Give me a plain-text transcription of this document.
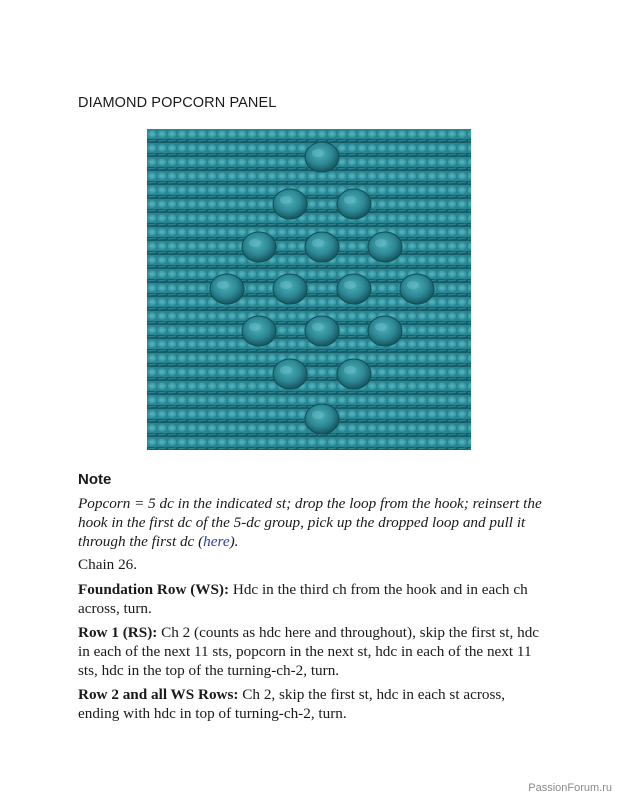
DIAMOND POPCORN PANEL
Note
Popcorn = 5 dc in the indicated st; drop the loop from the hook; reinsert the hook in the first dc of the 5-dc group, pick up the dropped loop and pull it through the first dc (here).
Chain 26.
Foundation Row (WS): Hdc in the third ch from the hook and in each ch across, turn.
Row 1 (RS): Ch 2 (counts as hdc here and throughout), skip the first st, hdc in each of the next 11 sts, popcorn in the next st, hdc in each of the next 11 sts, hdc in the top of the turning-ch-2, turn.
Row 2 and all WS Rows: Ch 2, skip the first st, hdc in each st across, ending with hdc in top of turning-ch-2, turn.
PassionForum.ru
